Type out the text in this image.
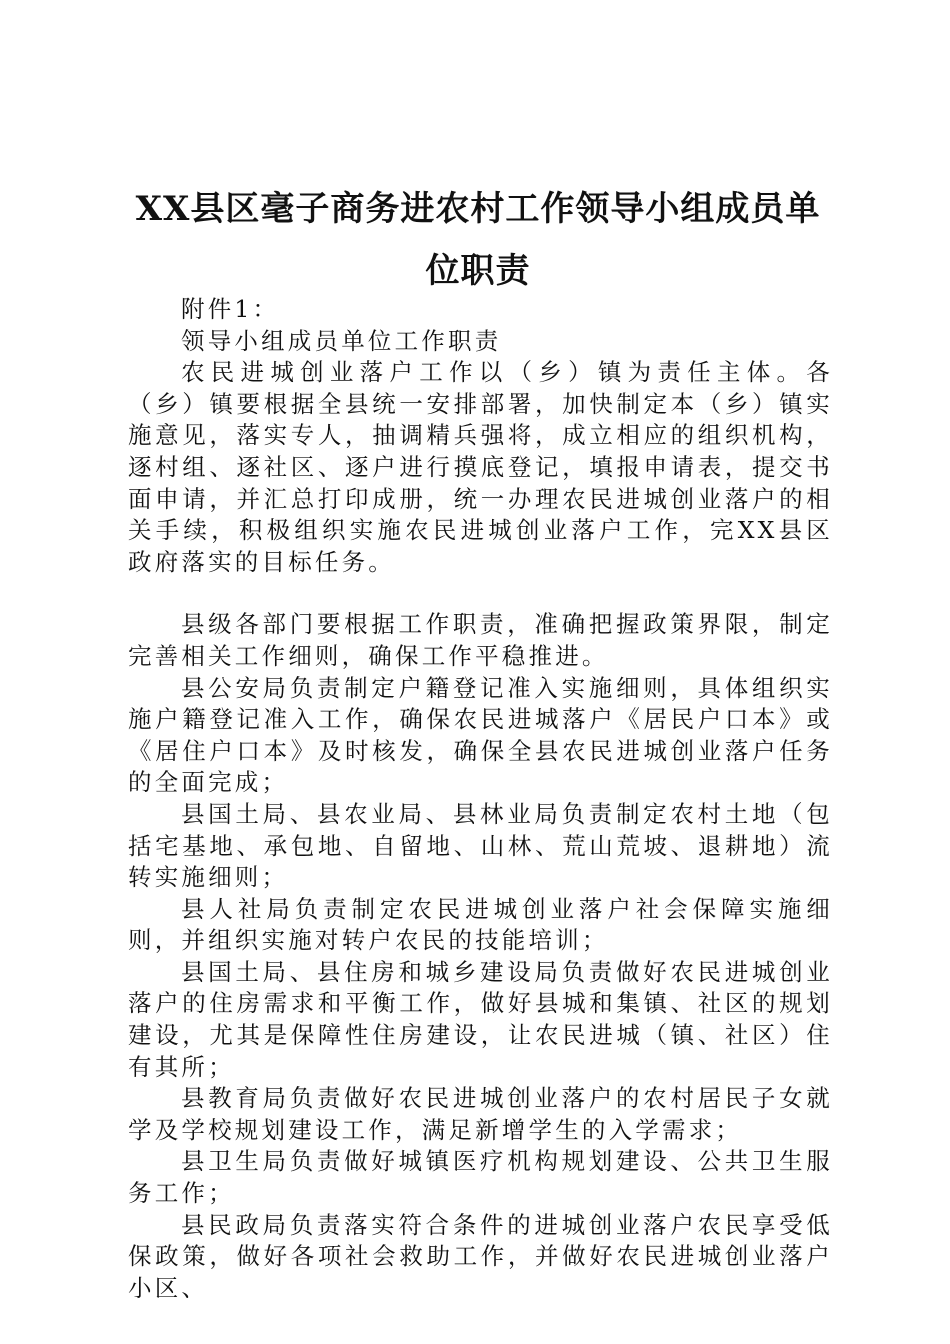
XX县区毫子商务进农村工作领导小组成员单位职责

附件1：

领导小组成员单位工作职责

农民进城创业落户工作以（乡）镇为责任主体。各（乡）镇要根据全县统一安排部署，加快制定本（乡）镇实施意见，落实专人，抽调精兵强将，成立相应的组织机构，逐村组、逐社区、逐户进行摸底登记，填报申请表，提交书面申请，并汇总打印成册，统一办理农民进城创业落户的相关手续，积极组织实施农民进城创业落户工作，完XX县区政府落实的目标任务。

县级各部门要根据工作职责，准确把握政策界限，制定完善相关工作细则，确保工作平稳推进。

县公安局负责制定户籍登记准入实施细则，具体组织实施户籍登记准入工作，确保农民进城落户《居民户口本》或《居住户口本》及时核发，确保全县农民进城创业落户任务的全面完成；

县国土局、县农业局、县林业局负责制定农村土地（包括宅基地、承包地、自留地、山林、荒山荒坡、退耕地）流转实施细则；

县人社局负责制定农民进城创业落户社会保障实施细则，并组织实施对转户农民的技能培训；

县国土局、县住房和城乡建设局负责做好农民进城创业落户的住房需求和平衡工作，做好县城和集镇、社区的规划建设，尤其是保障性住房建设，让农民进城（镇、社区）住有其所；

县教育局负责做好农民进城创业落户的农村居民子女就学及学校规划建设工作，满足新增学生的入学需求；

县卫生局负责做好城镇医疗机构规划建设、公共卫生服务工作；

县民政局负责落实符合条件的进城创业落户农民享受低保政策，做好各项社会救助工作，并做好农民进城创业落户小区、
